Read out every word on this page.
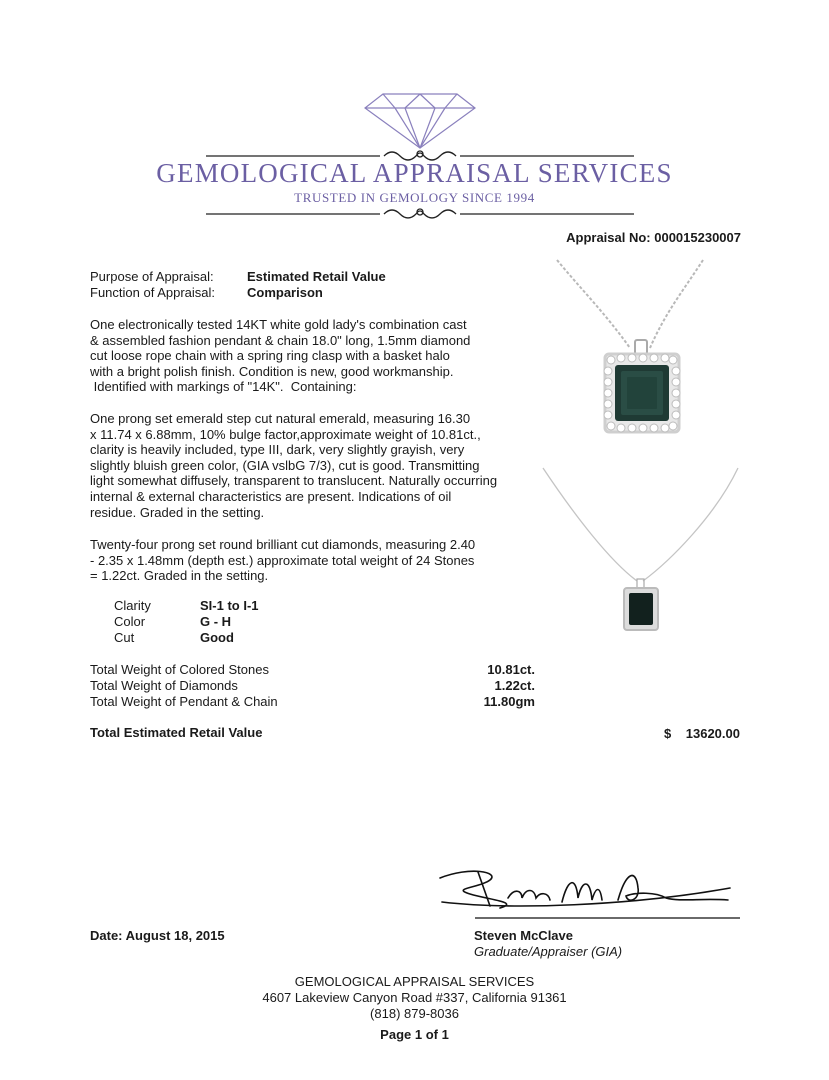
GEMOLOGICAL APPRAISAL SERVICES
TRUSTED IN GEMOLOGY SINCE 1994
Appraisal No: 000015230007
Purpose of Appraisal:	Estimated Retail Value
Function of Appraisal: Comparison
One electronically tested 14KT white gold lady's combination cast
& assembled fashion pendant & chain 18.0" long, 1.5mm diamond
cut loose rope chain with a spring ring clasp with a basket halo
with a bright polish finish. Condition is new, good workmanship.
Identified with markings of "14K".  Containing:
One prong set emerald step cut natural emerald, measuring 16.30
x 11.74 x 6.88mm, 10% bulge factor,approximate weight of 10.81ct.,
clarity is heavily included, type III, dark, very slightly grayish, very
slightly bluish green color, (GIA vslbG 7/3), cut is good. Transmitting
light somewhat diffusely, transparent to translucent. Naturally occurring
internal & external characteristics are present. Indications of oil
residue. Graded in the setting.
Twenty-four prong set round brilliant cut diamonds, measuring 2.40
- 2.35 x 1.48mm (depth est.) approximate total weight of 24 Stones
= 1.22ct. Graded in the setting.
Clarity	SI-1 to I-1
Color	G - H
Cut	Good
Total Weight of Colored Stones	10.81ct.
Total Weight of Diamonds	1.22ct.
Total Weight of Pendant & Chain	11.80gm
Total Estimated Retail Value	$	13620.00
Date: August 18, 2015	Steven McClave
Graduate/Appraiser (GIA)
GEMOLOGICAL APPRAISAL SERVICES
4607 Lakeview Canyon Road #337, California 91361
(818) 879-8036
Page 1 of 1
